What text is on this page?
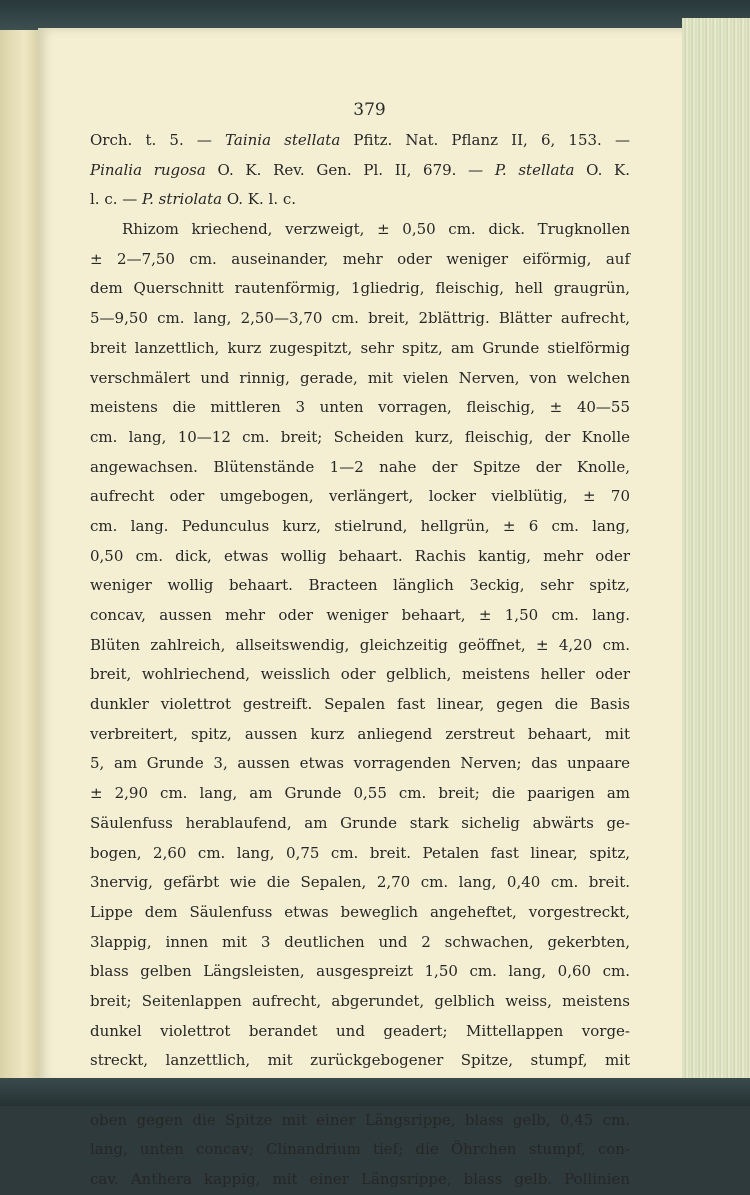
379
Orch. t. 5. — Tainia stellata Pfitz. Nat. Pflanz II, 6, 153. —
Pinalia rugosa O. K. Rev. Gen. Pl. II, 679. — P. stellata O. K.
l. c. — P. striolata O. K. l. c.
Rhizom kriechend, verzweigt, ± 0,50 cm. dick. Trugknollen
± 2—7,50 cm. auseinander, mehr oder weniger eiförmig, auf
dem Querschnitt rautenförmig, 1gliedrig, fleischig, hell graugrün,
5—9,50 cm. lang, 2,50—3,70 cm. breit, 2blättrig. Blätter aufrecht,
breit lanzettlich, kurz zugespitzt, sehr spitz, am Grunde stielförmig
verschmälert und rinnig, gerade, mit vielen Nerven, von welchen
meistens die mittleren 3 unten vorragen, fleischig, ± 40—55
cm. lang, 10—12 cm. breit; Scheiden kurz, fleischig, der Knolle
angewachsen. Blütenstände 1—2 nahe der Spitze der Knolle,
aufrecht oder umgebogen, verlängert, locker vielblütig, ± 70
cm. lang. Pedunculus kurz, stielrund, hellgrün, ± 6 cm. lang,
0,50 cm. dick, etwas wollig behaart. Rachis kantig, mehr oder
weniger wollig behaart. Bracteen länglich 3eckig, sehr spitz,
concav, aussen mehr oder weniger behaart, ± 1,50 cm. lang.
Blüten zahlreich, allseitswendig, gleichzeitig geöffnet, ± 4,20 cm.
breit, wohlriechend, weisslich oder gelblich, meistens heller oder
dunkler violettrot gestreift. Sepalen fast linear, gegen die Basis
verbreitert, spitz, aussen kurz anliegend zerstreut behaart, mit
5, am Grunde 3, aussen etwas vorragenden Nerven; das unpaare
± 2,90 cm. lang, am Grunde 0,55 cm. breit; die paarigen am
Säulenfuss herablaufend, am Grunde stark sichelig abwärts ge-
bogen, 2,60 cm. lang, 0,75 cm. breit. Petalen fast linear, spitz,
3nervig, gefärbt wie die Sepalen, 2,70 cm. lang, 0,40 cm. breit.
Lippe dem Säulenfuss etwas beweglich angeheftet, vorgestreckt,
3lappig, innen mit 3 deutlichen und 2 schwachen, gekerbten,
blass gelben Längsleisten, ausgespreizt 1,50 cm. lang, 0,60 cm.
breit; Seitenlappen aufrecht, abgerundet, gelblich weiss, meistens
dunkel violettrot berandet und geadert; Mittellappen vorge-
streckt, lanzettlich, mit zurückgebogener Spitze, stumpf, mit
oben gegen die Spitze mit einer Längsrippe, blass gelb, 0,45 cm.
lang, unten concav; Clinandrium tief; die Öhrchen stumpf, con-
cav. Anthera kappig, mit einer Längsrippe, blass gelb. Pollinien
